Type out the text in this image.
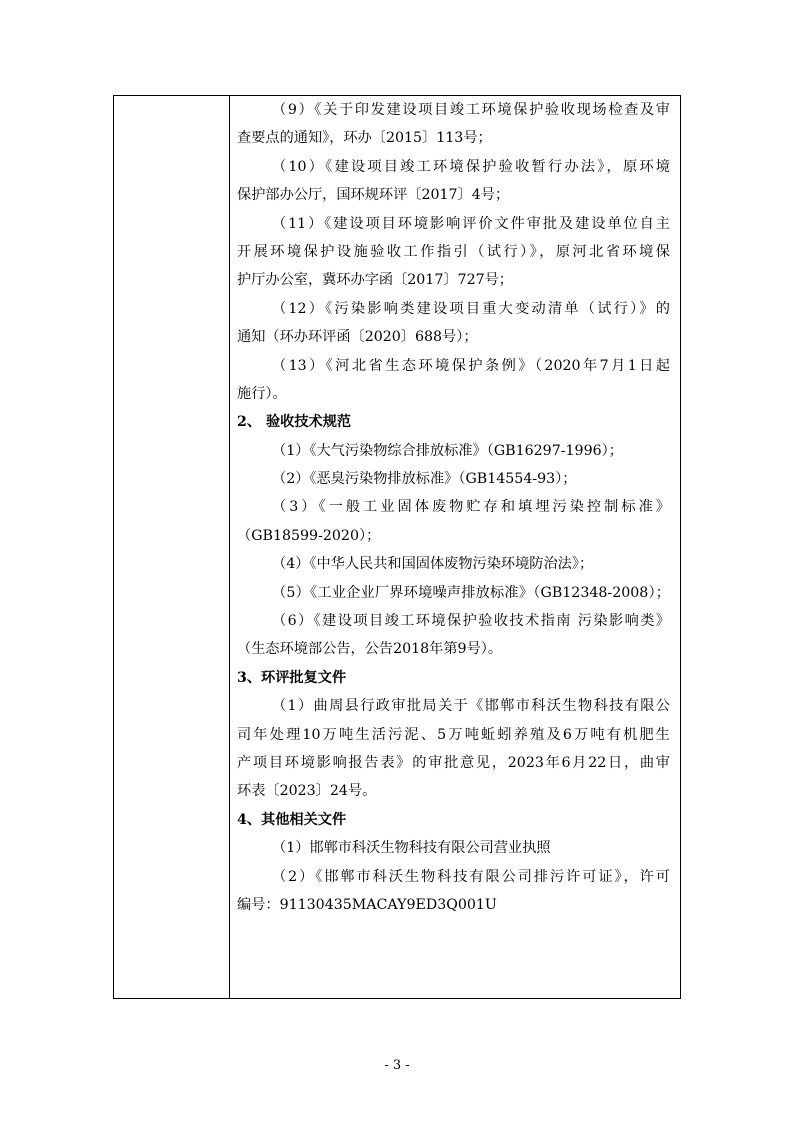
（9）《关于印发建设项目竣工环境保护验收现场检查及审
查要点的通知》，环办〔2015〕113号；
（10）《建设项目竣工环境保护验收暂行办法》，原环境
保护部办公厅，国环规环评〔2017〕4号；
（11）《建设项目环境影响评价文件审批及建设单位自主
开展环境保护设施验收工作指引（试行）》，原河北省环境保
护厅办公室，冀环办字函〔2017〕727号；
（12）《污染影响类建设项目重大变动清单（试行）》的
通知（环办环评函〔2020〕688号）；
（13）《河北省生态环境保护条例》（2020年7月1日起
施行）。
2、 验收技术规范
（1）《大气污染物综合排放标准》（GB16297-1996）；
（2）《恶臭污染物排放标准》（GB14554-93）；
（3）《一般工业固体废物贮存和填埋污染控制标准》
（GB18599-2020）；
（4）《中华人民共和国固体废物污染环境防治法》；
（5）《工业企业厂界环境噪声排放标准》（GB12348-2008）；
（6）《建设项目竣工环境保护验收技术指南 污染影响类》
（生态环境部公告，公告2018年第9号）。
3、环评批复文件
（1）曲周县行政审批局关于《邯郸市科沃生物科技有限公
司年处理10万吨生活污泥、5万吨蚯蚓养殖及6万吨有机肥生
产项目环境影响报告表》的审批意见，2023年6月22日，曲审
环表〔2023〕24号。
4、其他相关文件
（1）邯郸市科沃生物科技有限公司营业执照
（2）《邯郸市科沃生物科技有限公司排污许可证》，许可
编号：91130435MACAY9ED3Q001U
- 3 -
